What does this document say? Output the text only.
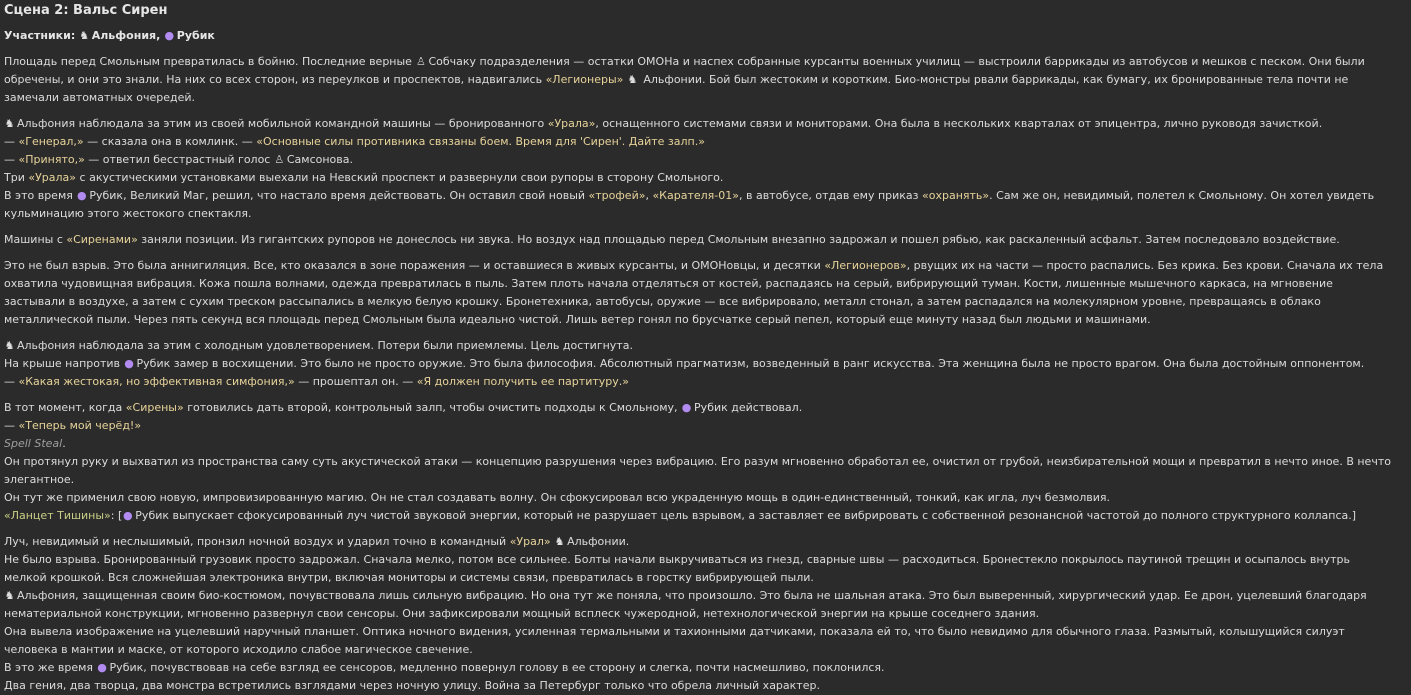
Сцена 2: Вальс Сирен
Участники: ♞ Альфония, ● Рубик
Площадь перед Смольным превратилась в бойню. Последние верные ♙ Собчаку подразделения — остатки ОМОНа и наспех собранные курсанты военных училищ — выстроили баррикады из автобусов и мешков с песком. Они были обречены, и они это знали. На них со всех сторон, из переулков и проспектов, надвигались «Легионеры» ♞ Альфонии. Бой был жестоким и коротким. Био-монстры рвали баррикады, как бумагу, их бронированные тела почти не замечали автоматных очередей.
♞ Альфония наблюдала за этим из своей мобильной командной машины — бронированного «Урала», оснащенного системами связи и мониторами. Она была в нескольких кварталах от эпицентра, лично руководя зачисткой.
— «Генерал,» — сказала она в комлинк. — «Основные силы противника связаны боем. Время для 'Сирен'. Дайте залп.»
— «Принято,» — ответил бесстрастный голос ♙ Самсонова.
Три «Урала» с акустическими установками выехали на Невский проспект и развернули свои рупоры в сторону Смольного.
В это время ● Рубик, Великий Маг, решил, что настало время действовать. Он оставил свой новый «трофей», «Карателя-01», в автобусе, отдав ему приказ «охранять». Сам же он, невидимый, полетел к Смольному. Он хотел увидеть кульминацию этого жестокого спектакля.
Машины с «Сиренами» заняли позиции. Из гигантских рупоров не донеслось ни звука. Но воздух над площадью перед Смольным внезапно задрожал и пошел рябью, как раскаленный асфальт. Затем последовало воздействие.
Это не был взрыв. Это была аннигиляция. Все, кто оказался в зоне поражения — и оставшиеся в живых курсанты, и ОМОНовцы, и десятки «Легионеров», рвущих их на части — просто распались. Без крика. Без крови. Сначала их тела охватила чудовищная вибрация. Кожа пошла волнами, одежда превратилась в пыль. Затем плоть начала отделяться от костей, распадаясь на серый, вибрирующий туман. Кости, лишенные мышечного каркаса, на мгновение застывали в воздухе, а затем с сухим треском рассыпались в мелкую белую крошку. Бронетехника, автобусы, оружие — все вибрировало, металл стонал, а затем распадался на молекулярном уровне, превращаясь в облако металлической пыли. Через пять секунд вся площадь перед Смольным была идеально чистой. Лишь ветер гонял по брусчатке серый пепел, который еще минуту назад был людьми и машинами.
♞ Альфония наблюдала за этим с холодным удовлетворением. Потери были приемлемы. Цель достигнута.
На крыше напротив ● Рубик замер в восхищении. Это было не просто оружие. Это была философия. Абсолютный прагматизм, возведенный в ранг искусства. Эта женщина была не просто врагом. Она была достойным оппонентом.
— «Какая жестокая, но эффективная симфония,» — прошептал он. — «Я должен получить ее партитуру.»
В тот момент, когда «Сирены» готовились дать второй, контрольный залп, чтобы очистить подходы к Смольному, ● Рубик действовал.
— «Теперь мой черёд!»
Spell Steal.
Он протянул руку и выхватил из пространства саму суть акустической атаки — концепцию разрушения через вибрацию. Его разум мгновенно обработал ее, очистил от грубой, неизбирательной мощи и превратил в нечто иное. В нечто элегантное.
Он тут же применил свою новую, импровизированную магию. Он не стал создавать волну. Он сфокусировал всю украденную мощь в один-единственный, тонкий, как игла, луч безмолвия.
«Ланцет Тишины»: [● Рубик выпускает сфокусированный луч чистой звуковой энергии, который не разрушает цель взрывом, а заставляет ее вибрировать с собственной резонансной частотой до полного структурного коллапса.]
Луч, невидимый и неслышимый, пронзил ночной воздух и ударил точно в командный «Урал» ♞ Альфонии.
Не было взрыва. Бронированный грузовик просто задрожал. Сначала мелко, потом все сильнее. Болты начали выкручиваться из гнезд, сварные швы — расходиться. Бронестекло покрылось паутиной трещин и осыпалось внутрь мелкой крошкой. Вся сложнейшая электроника внутри, включая мониторы и системы связи, превратилась в горстку вибрирующей пыли.
♞ Альфония, защищенная своим био-костюмом, почувствовала лишь сильную вибрацию. Но она тут же поняла, что произошло. Это была не шальная атака. Это был выверенный, хирургический удар. Ее дрон, уцелевший благодаря нематериальной конструкции, мгновенно развернул свои сенсоры. Они зафиксировали мощный всплеск чужеродной, нетехнологической энергии на крыше соседнего здания.
Она вывела изображение на уцелевший наручный планшет. Оптика ночного видения, усиленная термальными и тахионными датчиками, показала ей то, что было невидимо для обычного глаза. Размытый, колышущийся силуэт человека в мантии и маске, от которого исходило слабое магическое свечение.
В это же время ● Рубик, почувствовав на себе взгляд ее сенсоров, медленно повернул голову в ее сторону и слегка, почти насмешливо, поклонился.
Два гения, два творца, два монстра встретились взглядами через ночную улицу. Война за Петербург только что обрела личный характер.
